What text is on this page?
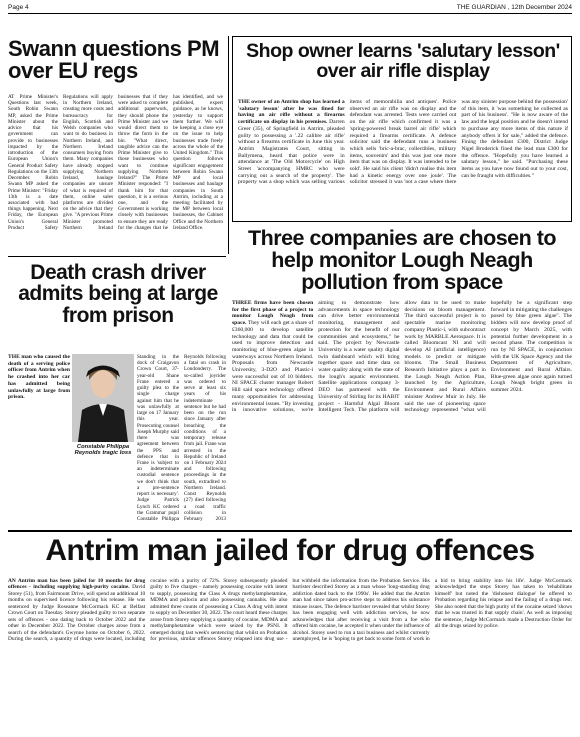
Page 4	THE GUARDIAN , 12th December 2024
Swann questions PM over EU regs
AT Prime Minister's Questions last week, South Robin Swann MP, asked the Prime Minister about the advice that his government can provide to businesses impacted by the introduction of the European Union's General Product Safety Regulations on the 13th December. Robin Swann MP asked the Prime Minister: "Friday 13th is a date associated with bad things happening. Next Friday, the European Union's General Product Safety Regulations will apply in Northern Ireland, creating more costs and bureaucracy for English, Scottish and Welsh companies who want to do business in Northern Ireland, and Northern Ireland consumers buying from them. Many companies have already stopped supplying Northern Ireland, haulage companies are unsure of what is required of them, online sales platforms are divided on the advice that they give. "A previous Prime Minister promoted Northern Ireland businesses that if they were asked to complete additional paperwork, they should phone the Prime Minister and we would direct them to throw the form in the bin. "What direct, tangible advice can the Prime Minister give to those businesses who want to continue supplying Northern Ireland?" The Prime Minister responded: "I thank him for that question, it is a serious one, and the Government is working closely with businesses to ensure they are ready for the changes that he has identified, and we published, expert guidance, as he knows, yesterday to support them further. We will be keeping a close eye on the issue to help businesses trade freely across the whole of the United Kingdom." This question follows significant engagement between Robin Swann MP and local businesses and haulage companies in South Antrim, including at a meeting facilitated by the MP between local businesses, the Cabinet Office and the Northern Ireland Office.
Shop owner learns 'salutary lesson' over air rifle display
THE owner of an Antrim shop has learned a 'salutary lesson' after he was fined for having an air rifle without a firearms certificate on display in his premises. Darren Greer (35), of Springfield in Antrim, pleaded guilty to possessing a '.22 calibre air rifle' without a firearms certificate in June this year. Antrim Magistrates Court, sitting in Ballymena, heard that police were in attendance at 'The Old Motorcycle' on High Street 'accompanying HMRC who were carrying out a search of the property'. The property was a shop which was selling various items of memorabilia and antiques'. Police observed an air rifle was on display and the defendant was arrested. Tests were carried out on the air rifle which confirmed it was a 'spring-powered break barrel air rifle' which required a firearms certificate. A defence solicitor said the defendant runs a business which sells 'bric-a-brac, collectibles, military items, souvenirs' and this was just one more item that was on display. It was intended to be sold'. He said his client 'didn't realise this item had a kinetic energy over one joule'. The solicitor stressed it was 'not a case where there was any sinister purpose behind the possession' of this item, it 'was something he collected as part of his business'. "He is now aware of the law and the legal position and he doesn't intend to purchase any more items of this nature if anybody offers it for sale," added the defence. Fining the defendant £300, District Judge Nigel Broderick fined the lead man £300 for the offence. "Hopefully you have learned a salutary lesson," he said. "Purchasing these items as you have now found out to your cost, can be fraught with difficulties."
Three companies are chosen to help monitor Lough Neagh pollution from space
THREE firms have been chosen for the first phase of a project to monitor Lough Neagh from space. They will each get a share of £360,000 to develop satellite technology and data that could be used to improve detection and monitoring of blue-green algae in waterways across Northern Ireland. Proposals from Newcastle University, 3-D2O and Plastic-i were successful out of 10 bidders. NI SPACE cluster manager Robert Hill said space technology offered many opportunities for addressing environmental issues. "By investing in innovative solutions, we're aiming to demonstrate how advancements in space technology can drive better environmental monitoring, management and protection for the benefit of our communities and ecosystems," he said. The project by Newcastle University is a water quality digital twin dashboard which will bring together space and time data on water quality along with the state of the lough's aquatic environment. Satellite applications company 3-DEO has partnered with the University of Stirling for its HABIT project - Harmful Algal Bloom Intelligent Tech. The platform will allow data to be used to make decisions on bloom management. The third successful project is to spectable marine monitoring company Plastic-i, with subcontract work by MARBLE Aerospace. It is called Bloomcast NI and will develop AI (artificial intelligence) models to predict or mitigate blooms. The Small Business Research Initiative plays a part in the Lough Neagh Action Plan, launched by the Agriculture, Environment and Rural Affairs minister Andrew Muir in July. He said the use of pioneering space technology represented "what will hopefully be a significant step forward in mitigating the challenges posed by blue green algae". The bidders will now develop proof of concept by March 2025, with potential further development in a second phase. The competition is run by NI SPACE, in conjunction with the UK Space Agency and the Department of Agriculture, Environment and Rural Affairs. Blue-green algae once again turned Lough Neagh bright green in summer 2024.
Death crash driver admits being at large from prison
THE man who caused the death of a serving police officer from Antrim when he crashed into her car has admitted being unlawfully at large from prison.
Constable Philippa Reynolds tragic loss
Standing in the dock of Craigavon Crown Court, 37-year-old Shane Frane entered a guilty plea to the single charge against him that he was unlawfully at large on 17 January this year. Prosecuting counsel Joseph Murphy said there was agreement between the PPS and defence that in Frane is 'subject to an indeterminate custodial sentence we don't think that a pre-sentence report is necessary'. Judge Patrick Lynch KC ordered the Grammar pupil Constable Philippa Reynolds following a fatal on crash in Londonderry. The so-called joyrider was ordered to serve at least six years of his indeterminate sentence but he had been on the run since January after breaching the conditions of a temporary release from jail. Frane was arrested in the Republic of Ireland on 1 February 2024 and following proceedings in the south, extradited to Northern Ireland. Const Reynolds (27) died following a road traffic collision in February 2013
Antrim man jailed for drug offences
AN Antrim man has been jailed for 10 months for drug offences - including supplying high-purity cocaine. David Storey (51), from Fairmount Drive, will spend an additional 10 months on supervised licence following his release. He was sentenced by Judge Roseanne McCormack KC at Belfast Crown Court on Tuesday. Storey pleaded guilty to two separate sets of offences - one dating back to October 2022 and the other in December 2022. The October charges arose from a search of the defendant's Gwynne home on October 6, 2022. During the search, a quantity of drugs were located, including cocaine with a purity of 72%. Storey subsequently pleaded guilty to five charges - namely possessing cocaine with intent to supply, possessing the Class A drugs methylamphetamine, MDMA and psilocin and also possessing cannabis. He also admitted three counts of possessing a Class A drug with intent to supply on December 30, 2022. The court heard these charges arose from Storey supplying a quantity of cocaine, MDMA and methylamphetamine which were seized by the PSNI. It emerged during last week's sentencing that whilst on Probation for previous, similar offences Storey relapsed into drug use - but withheld the information from the Probation Service. His barrister described Storey as a man whose 'long-standing drug addiction dated back to the 1990s'. He added that the Antrim man had since taken pro-active steps to address his substance misuse issues. The defence barrister revealed that whilst Storey has been engaging well with addiction services, he now acknowledges that after receiving a visit from a foe who offered him cocaine, he accepted it when under the influence of alcohol. Storey used to run a taxi business and whilst currently unemployed, he is 'hoping to get back to some form of work in a bid to bring stability into his life'. Judge McCormack acknowledged the steps Storey has taken to 'rehabilitate himself' but noted the 'dishonest dialogue' he offered to Probation regarding his relapse and the failing of a drugs test. She also noted that the high purity of the cocaine seized 'shows that he was trusted in that supply chain'. As well as imposing the sentence, Judge McCormack made a Destruction Order for all the drugs seized by police.
